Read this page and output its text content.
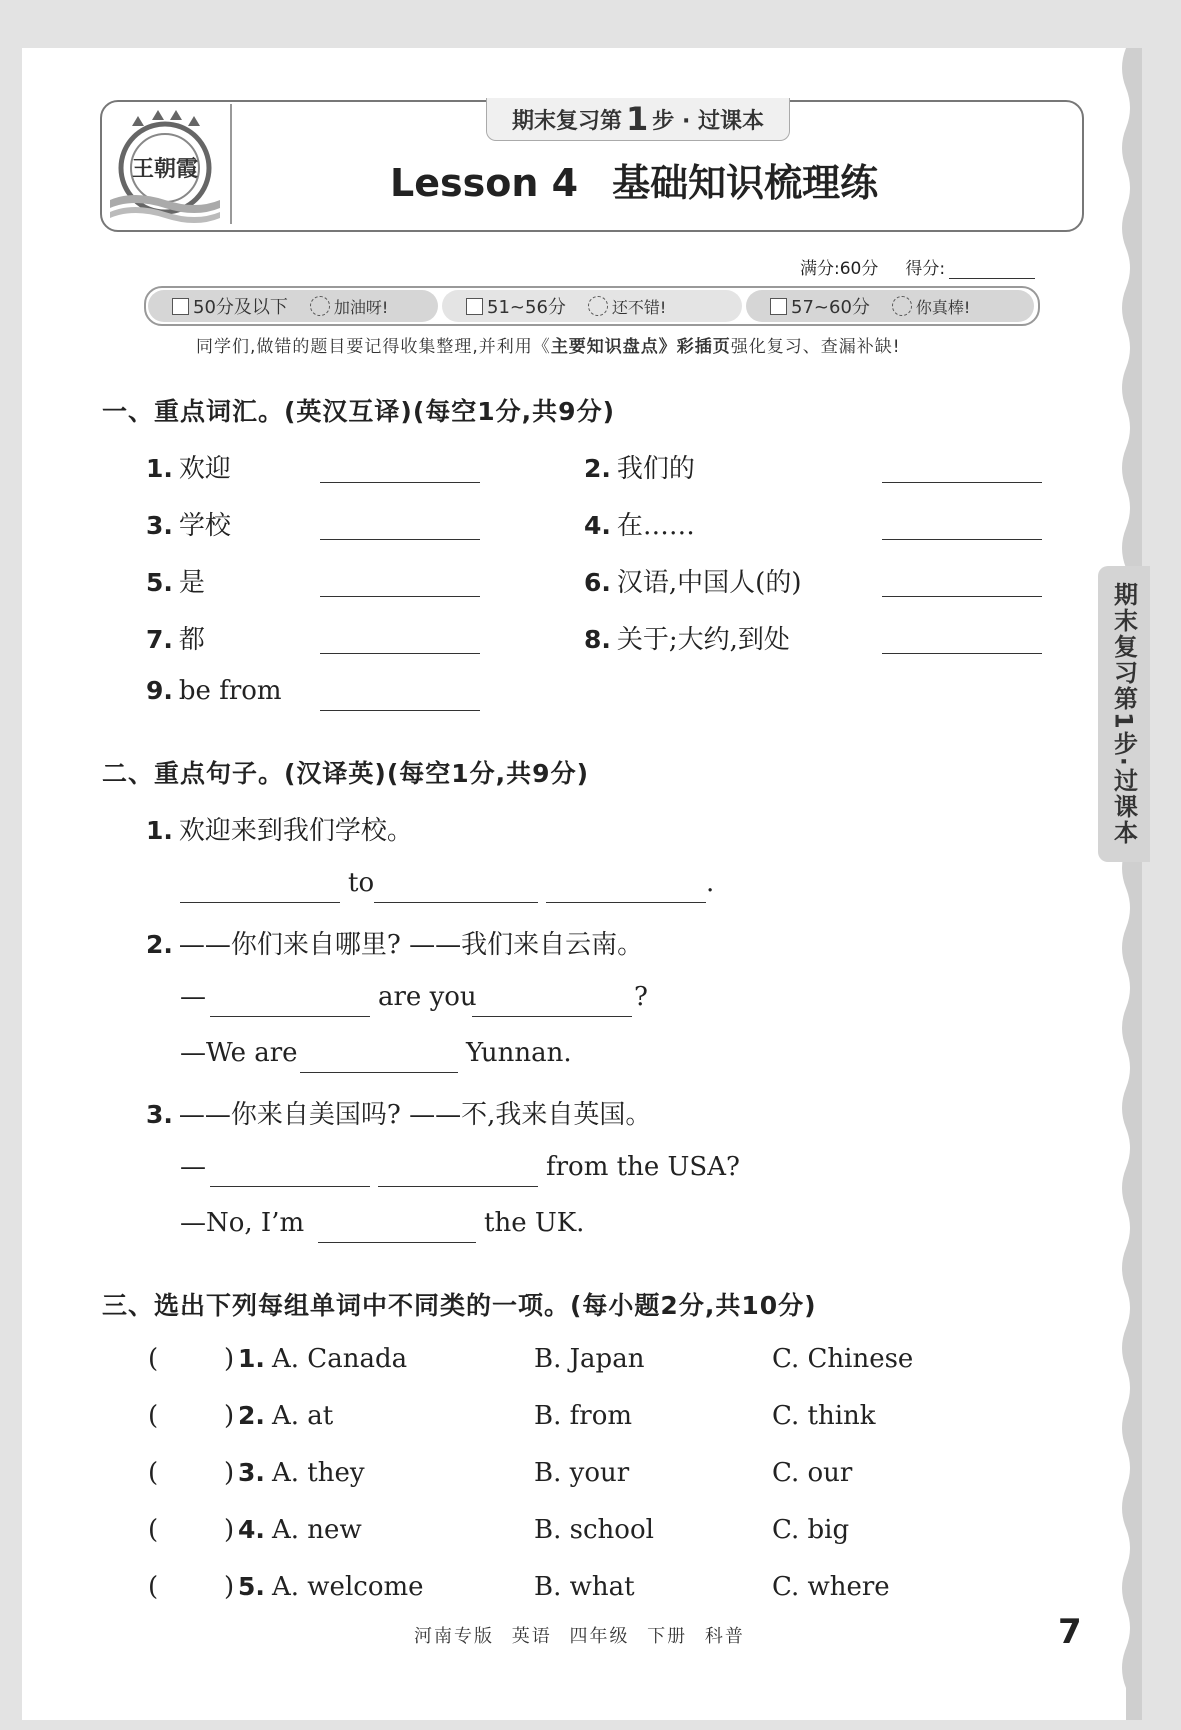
王朝霞
期末复习第 1 步 · 过课本
Lesson 4 基础知识梳理练
满分:60分 得分:
50分及以下	加油呀!	51~56分	还不错!	57~60分	你真棒!
同学们,做错的题目要记得收集整理,并利用《主要知识盘点》彩插页强化复习、查漏补缺!
一、重点词汇。(英汉互译)(每空1分,共9分)
1. 欢迎	2. 我们的
3. 学校	4. 在……
5. 是	6. 汉语,中国人(的)
7. 都	8. 关于;大约,到处
9. be from
二、重点句子。(汉译英)(每空1分,共9分)
1. 欢迎来到我们学校。
to	.
2. ——你们来自哪里? ——我们来自云南。
—	are you	?
—We are	Yunnan.
3. ——你来自美国吗? ——不,我来自英国。
—	from the USA?
—No, I’m	the UK.
三、选出下列每组单词中不同类的一项。(每小题2分,共10分)
(	) 1. A. Canada	B. Japan	C. Chinese
(	) 2. A. at	B. from	C. think
(	) 3. A. they	B. your	C. our
(	) 4. A. new	B. school	C. big
(	) 5. A. welcome	B. what	C. where
期末复习第1步·过课本
河南专版 英语 四年级 下册 科普	7
